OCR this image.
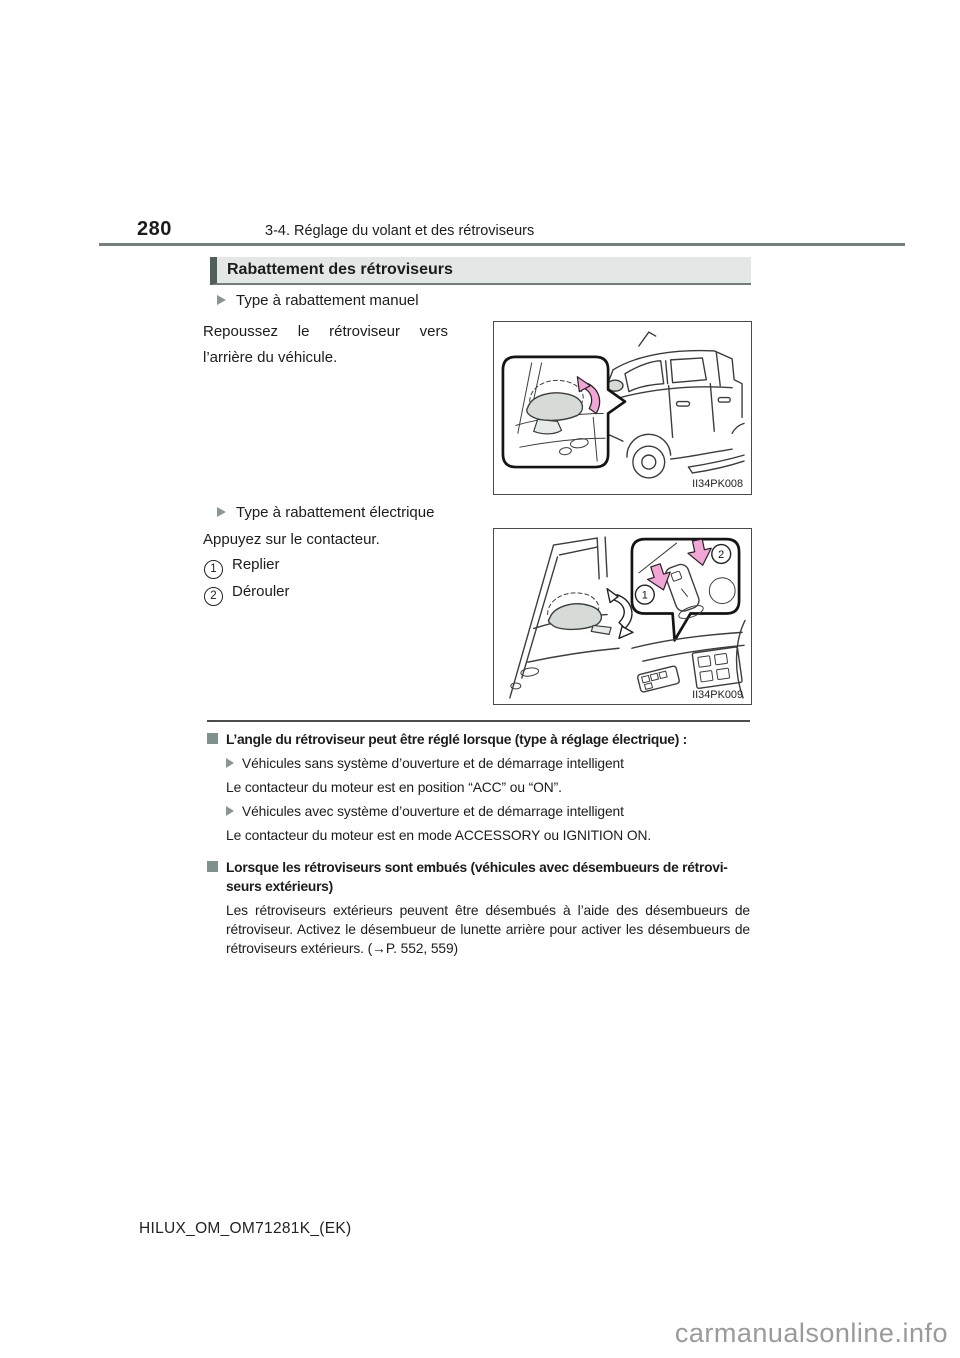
280	3-4. Réglage du volant et des rétroviseurs
Rabattement des rétroviseurs
Type à rabattement manuel
Repoussez le rétroviseur vers
l’arrière du véhicule.
II34PK008
Type à rabattement électrique
Appuyez sur le contacteur.
1 Replier
2 Dérouler	1
2
II34PK009
L’angle du rétroviseur peut être réglé lorsque (type à réglage électrique) :
Véhicules sans système d’ouverture et de démarrage intelligent
Le contacteur du moteur est en position “ACC” ou “ON”.
Véhicules avec système d’ouverture et de démarrage intelligent
Le contacteur du moteur est en mode ACCESSORY ou IGNITION ON.
Lorsque les rétroviseurs sont embués (véhicules avec désembueurs de rétrovi-
seurs extérieurs)
Les rétroviseurs extérieurs peuvent être désembués à l’aide des désembueurs de rétroviseur. Activez le désembueur de lunette arrière pour activer les désembueurs de rétroviseurs extérieurs. (→P. 552, 559)
HILUX_OM_OM71281K_(EK)
carmanualsonline.info
